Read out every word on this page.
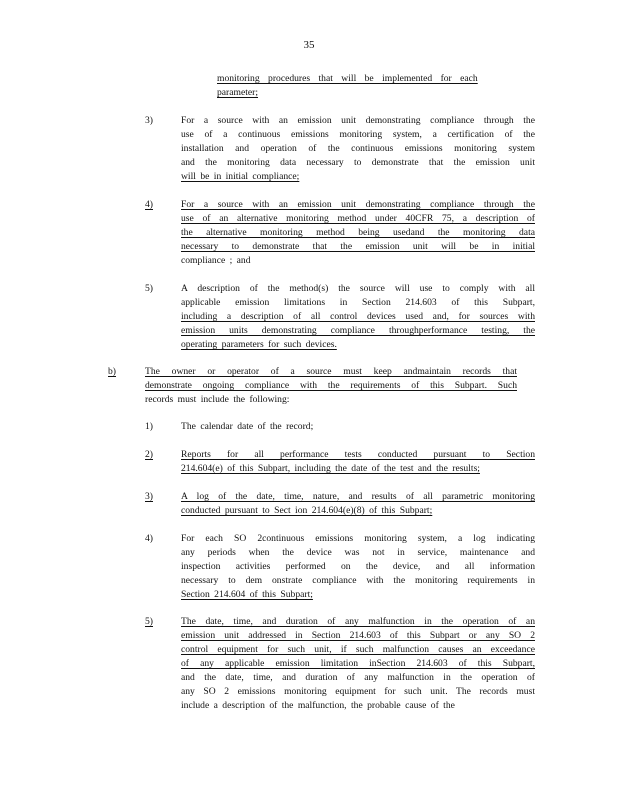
35
monitoring procedures that will be implemented for each
parameter;
3)	For a source with an emission unit demonstrating compliance through the
use of a continuous emissions monitoring system, a certification of the
installation and operation of the continuous emissions monitoring system
and the monitoring data necessary to demonstrate that the emission unit
will be in initial compliance;
4)	For a source with an emission unit demonstrating compliance through the
use of an alternative monitoring method under 40CFR 75, a description of
the alternative monitoring method being usedand the monitoring data
necessary to demonstrate that the emission unit will be in initial
compliance ; and
5)	A description of the method(s) the source will use to comply with all
applicable emission limitations in Section 214.603 of this Subpart,
including a description of all control devices used and, for sources with
emission units demonstrating compliance throughperformance testing, the
operating parameters for such devices.
b)	The owner or operator of a source must keep andmaintain records that
demonstrate ongoing compliance with the requirements of this Subpart. Such
records must include the following:
1)	The calendar date of the record;
2)	Reports for all performance tests conducted pursuant to Section
214.604(e) of this Subpart, including the date of the test and the results;
3)	A log of the date, time, nature, and results of all parametric monitoring
conducted pursuant to Sect ion 214.604(e)(8) of this Subpart;
4)	For each SO 2continuous emissions monitoring system, a log indicating
any periods when the device was not in service, maintenance and
inspection activities performed on the device, and all information
necessary to dem onstrate compliance with the monitoring requirements in
Section 214.604 of this Subpart;
5)	The date, time, and duration of any malfunction in the operation of an
emission unit addressed in Section 214.603 of this Subpart or any SO 2
control equipment for such unit, if such malfunction causes an exceedance
of any applicable emission limitation inSection 214.603 of this Subpart,
and the date, time, and duration of any malfunction in the operation of
any SO 2 emissions monitoring equipment for such unit. The records must
include a description of the malfunction, the probable cause of the
